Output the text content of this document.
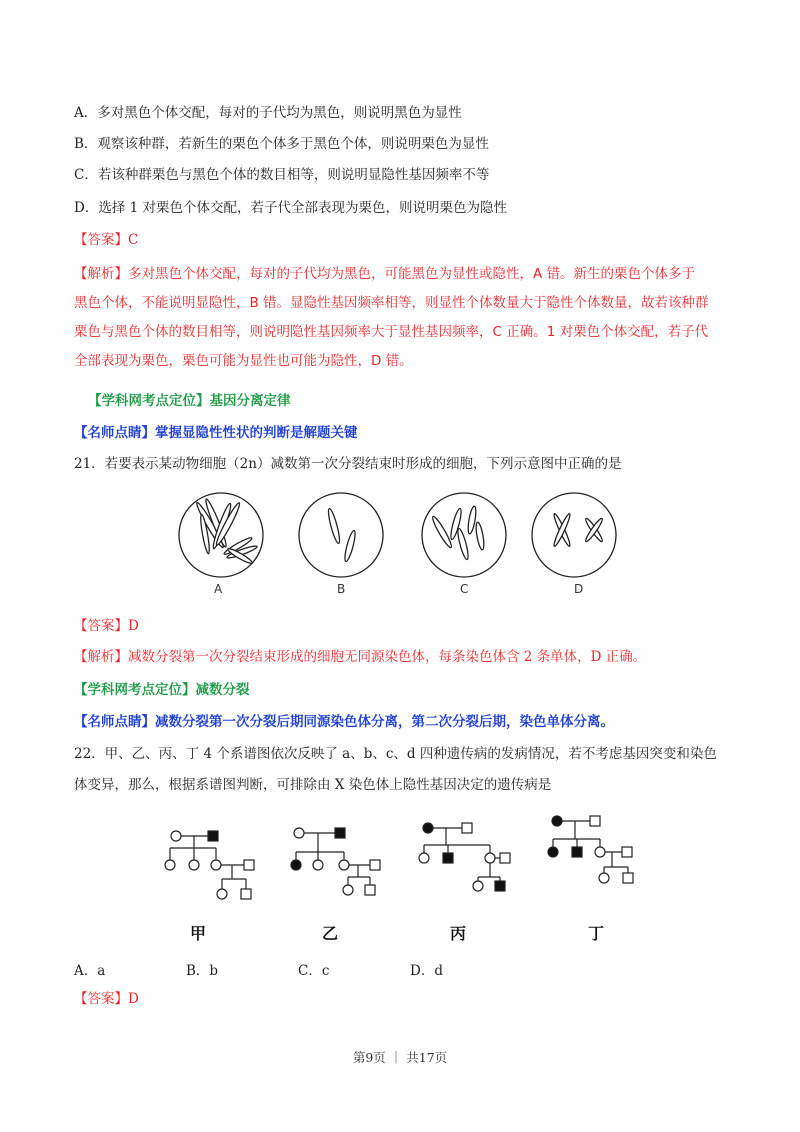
A．多对黑色个体交配，每对的子代均为黑色，则说明黑色为显性
B．观察该种群，若新生的栗色个体多于黑色个体，则说明栗色为显性
C．若该种群栗色与黑色个体的数目相等，则说明显隐性基因频率不等
D．选择 1 对栗色个体交配，若子代全部表现为栗色，则说明栗色为隐性
【答案】C
【解析】多对黑色个体交配，每对的子代均为黑色，可能黑色为显性或隐性，A 错。新生的栗色个体多于
黑色个体，不能说明显隐性，B 错。显隐性基因频率相等，则显性个体数量大于隐性个体数量，故若该种群
栗色与黑色个体的数目相等，则说明隐性基因频率大于显性基因频率，C 正确。1 对栗色个体交配，若子代
全部表现为栗色，栗色可能为显性也可能为隐性，D 错。
【学科网考点定位】基因分离定律
【名师点睛】掌握显隐性性状的判断是解题关键
21．若要表示某动物细胞（2n）减数第一次分裂结束时形成的细胞，下列示意图中正确的是
A	B	C	D
【答案】D
【解析】减数分裂第一次分裂结束形成的细胞无同源染色体，每条染色体含 2 条单体，D 正确。
【学科网考点定位】减数分裂
【名师点睛】减数分裂第一次分裂后期同源染色体分离，第二次分裂后期，染色单体分离。
22．甲、乙、丙、丁 4 个系谱图依次反映了 a、b、c、d 四种遗传病的发病情况，若不考虑基因突变和染色
体变异，那么，根据系谱图判断，可排除由 X 染色体上隐性基因决定的遗传病是
甲	乙	丙	丁
A．a	B．b	C．c	D．d
【答案】D
第9页 ｜ 共17页
